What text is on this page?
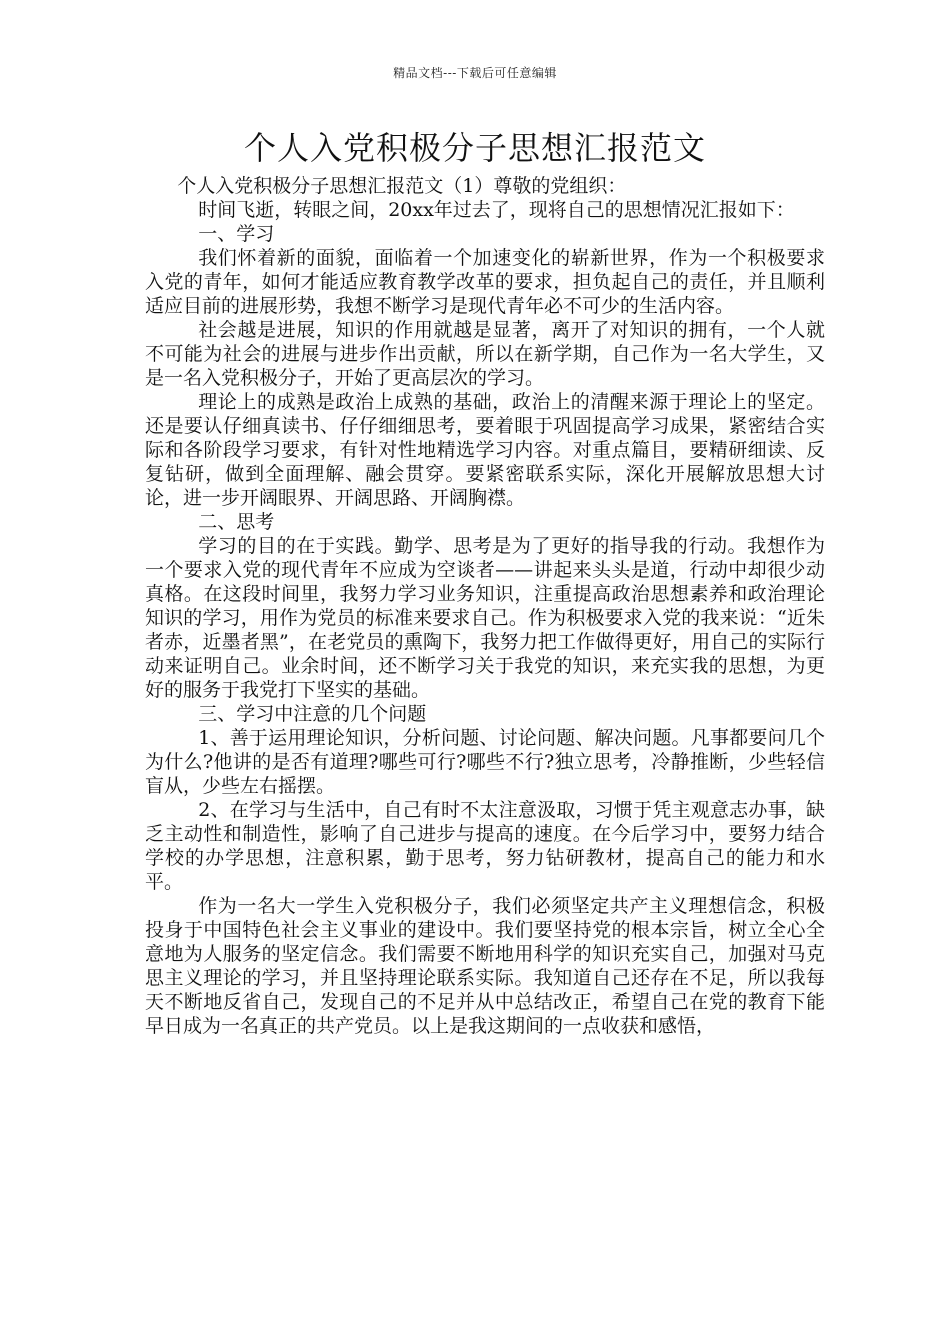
精品文档---下载后可任意编辑
个人入党积极分子思想汇报范文

个人入党积极分子思想汇报范文（1）尊敬的党组织：

时间飞逝，转眼之间，20xx年过去了，现将自己的思想情况汇报如下：

一、学习

我们怀着新的面貌，面临着一个加速变化的崭新世界，作为一个积极要求入党的青年，如何才能适应教育教学改革的要求，担负起自己的责任，并且顺利适应目前的进展形势，我想不断学习是现代青年必不可少的生活内容。

社会越是进展，知识的作用就越是显著，离开了对知识的拥有，一个人就不可能为社会的进展与进步作出贡献，所以在新学期，自己作为一名大学生，又是一名入党积极分子，开始了更高层次的学习。

理论上的成熟是政治上成熟的基础，政治上的清醒来源于理论上的坚定。还是要认仔细真读书、仔仔细细思考，要着眼于巩固提高学习成果，紧密结合实际和各阶段学习要求，有针对性地精选学习内容。对重点篇目，要精研细读、反复钻研，做到全面理解、融会贯穿。要紧密联系实际，深化开展解放思想大讨论，进一步开阔眼界、开阔思路、开阔胸襟。

二、思考

学习的目的在于实践。勤学、思考是为了更好的指导我的行动。我想作为一个要求入党的现代青年不应成为空谈者——讲起来头头是道，行动中却很少动真格。在这段时间里，我努力学习业务知识，注重提高政治思想素养和政治理论知识的学习，用作为党员的标准来要求自己。作为积极要求入党的我来说：“近朱者赤，近墨者黑”，在老党员的熏陶下，我努力把工作做得更好，用自己的实际行动来证明自己。业余时间，还不断学习关于我党的知识，来充实我的思想，为更好的服务于我党打下坚实的基础。

三、学习中注意的几个问题

1、善于运用理论知识，分析问题、讨论问题、解决问题。凡事都要问几个为什么?他讲的是否有道理?哪些可行?哪些不行?独立思考，冷静推断，少些轻信盲从，少些左右摇摆。

2、在学习与生活中，自己有时不太注意汲取，习惯于凭主观意志办事，缺乏主动性和制造性，影响了自己进步与提高的速度。在今后学习中，要努力结合学校的办学思想，注意积累，勤于思考，努力钻研教材，提高自己的能力和水平。

作为一名大一学生入党积极分子，我们必须坚定共产主义理想信念，积极投身于中国特色社会主义事业的建设中。我们要坚持党的根本宗旨，树立全心全意地为人服务的坚定信念。我们需要不断地用科学的知识充实自己，加强对马克思主义理论的学习，并且坚持理论联系实际。我知道自己还存在不足，所以我每天不断地反省自己，发现自己的不足并从中总结改正，希望自己在党的教育下能早日成为一名真正的共产党员。以上是我这期间的一点收获和感悟，
